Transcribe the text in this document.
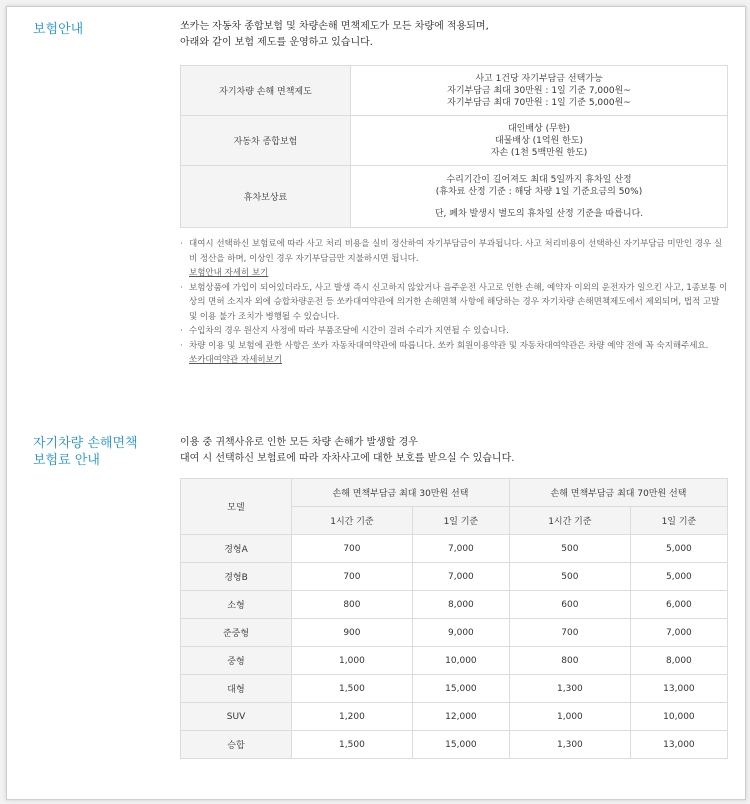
보험안내	쏘카는 자동차 종합보험 및 차량손해 면책제도가 모든 차량에 적용되며,
아래와 같이 보험 제도를 운영하고 있습니다.
자기차량 손해 면책제도	사고 1건당 자기부담금 선택가능
자기부담금 최대 30만원 : 1일 기준 7,000원~
자기부담금 최대 70만원 : 1일 기준 5,000원~

자동차 종합보험	대인배상 (무한)
대물배상 (1억원 한도)
자손 (1천 5백만원 한도)

휴차보상료	수리기간이 길어져도 최대 5일까지 휴차일 산정
(휴차료 산정 기준 : 해당 차량 1일 기준요금의 50%)
단, 폐차 발생시 별도의 휴차일 산정 기준을 따릅니다.
· 대여시 선택하신 보험료에 따라 사고 처리 비용을 실비 정산하여 자기부담금이 부과됩니다. 사고 처리비용이 선택하신 자기부담금 미만인 경우 실비 정산을 하며, 이상인 경우 자기부담금만 지불하시면 됩니다.
보험안내 자세히 보기
· 보험상품에 가입이 되어있더라도, 사고 발생 즉시 신고하지 않았거나 음주운전 사고로 인한 손해, 예약자 이외의 운전자가 일으킨 사고, 1종보통 이상의 면허 소지자 외에 승합차량운전 등 쏘카대여약관에 의거한 손해면책 사항에 해당하는 경우 자기차량 손해면책제도에서 제외되며, 법적 고발 및 이용 불가 조치가 병행될 수 있습니다.
· 수입차의 경우 원산지 사정에 따라 부품조달에 시간이 걸려 수리가 지연될 수 있습니다.
· 차량 이용 및 보험에 관한 사항은 쏘카 자동차대여약관에 따릅니다. 쏘카 회원이용약관 및 자동차대여약관은 차량 예약 전에 꼭 숙지해주세요.
쏘카대여약관 자세히보기
자기차량 손해면책
보험료 안내
이용 중 귀책사유로 인한 모든 차량 손해가 발생할 경우
대여 시 선택하신 보험료에 따라 자차사고에 대한 보호를 받으실 수 있습니다.
모델	손해 면책부담금 최대 30만원 선택		손해 면책부담금 최대 70만원 선택	
	1시간 기준	1일 기준	1시간 기준	1일 기준
경형A	700	7,000	500	5,000
경형B	700	7,000	500	5,000
소형	800	8,000	600	6,000
준중형	900	9,000	700	7,000
중형	1,000	10,000	800	8,000
대형	1,500	15,000	1,300	13,000
SUV	1,200	12,000	1,000	10,000
승합	1,500	15,000	1,300	13,000
